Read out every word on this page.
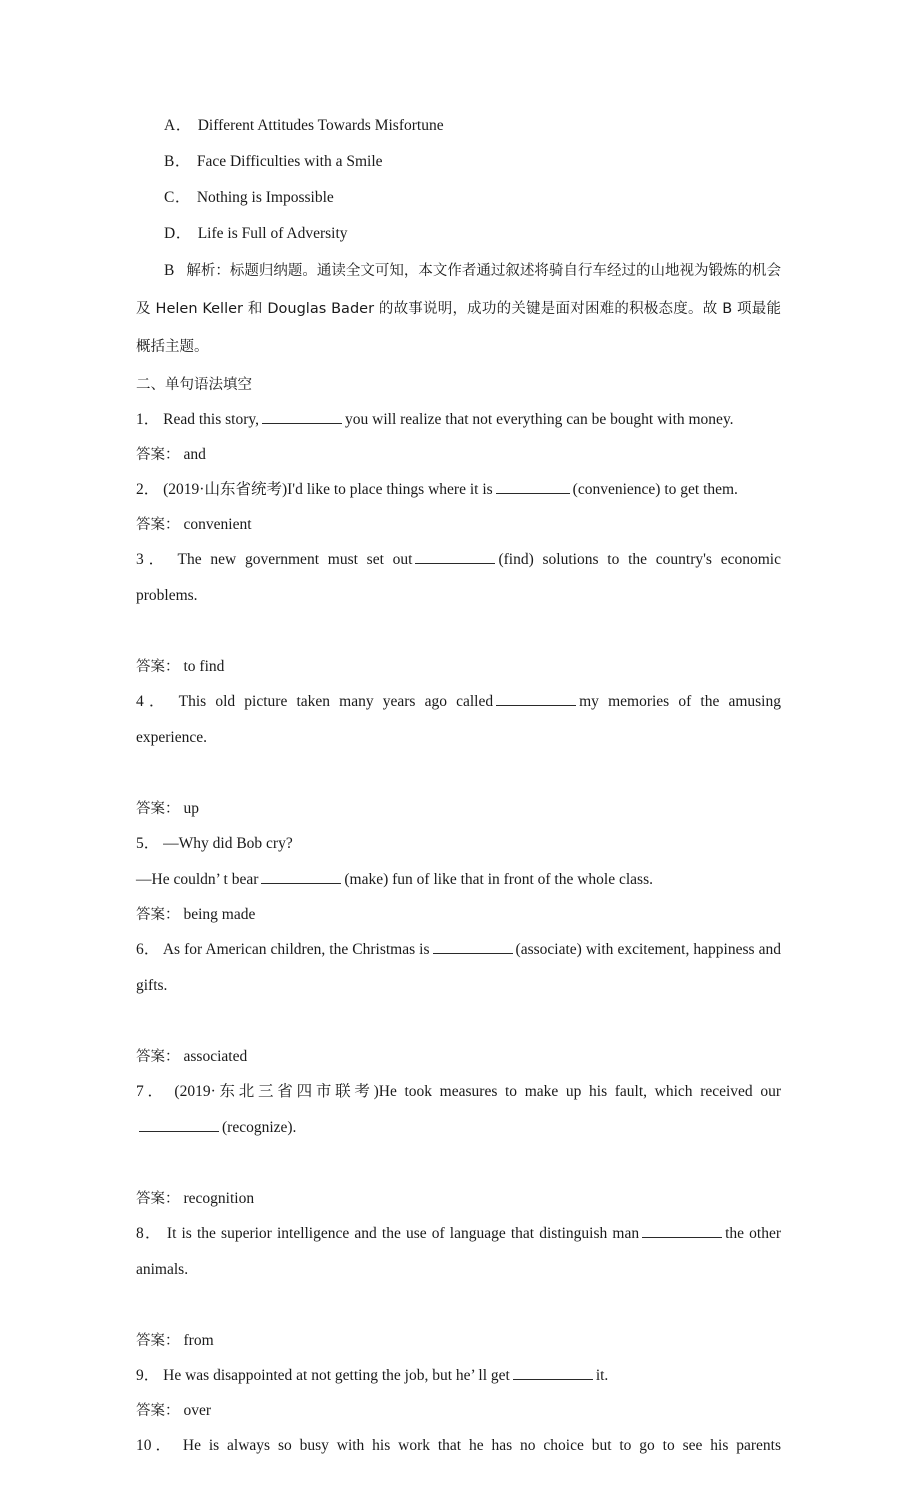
A． Different Attitudes Towards Misfortune
B． Face Difficulties with a Smile
C． Nothing is Impossible
D． Life is Full of Adversity
B 解析：标题归纳题。通读全文可知，本文作者通过叙述将骑自行车经过的山地视为锻炼的机会及 Helen Keller 和 Douglas Bader 的故事说明，成功的关键是面对困难的积极态度。故 B 项最能概括主题。
二、单句语法填空
1． Read this story,	you will realize that not everything can be bought with money.
答案： and
2． (2019·山东省统考)I'd like to place things where it is	(convenience) to get them.
答案： convenient
3． The new government must set out	(find) solutions to the country's economic problems.
答案： to find
4． This old picture taken many years ago called	my memories of the amusing experience.
答案： up
5． —Why did Bob cry?
—He couldn’ t bear	(make) fun of like that in front of the whole class.
答案： being made
6． As for American children, the Christmas is	(associate) with excitement, happiness and gifts.
答案： associated
7． (2019·东北三省四市联考)He took measures to make up his fault, which received our(recognize).
答案： recognition
8． It is the superior intelligence and the use of language that distinguish man	the other animals.
答案： from
9． He was disappointed at not getting the job, but he’ ll get	it.
答案： over
10． He is always so busy with his work that he has no choice but to go to see his parents
